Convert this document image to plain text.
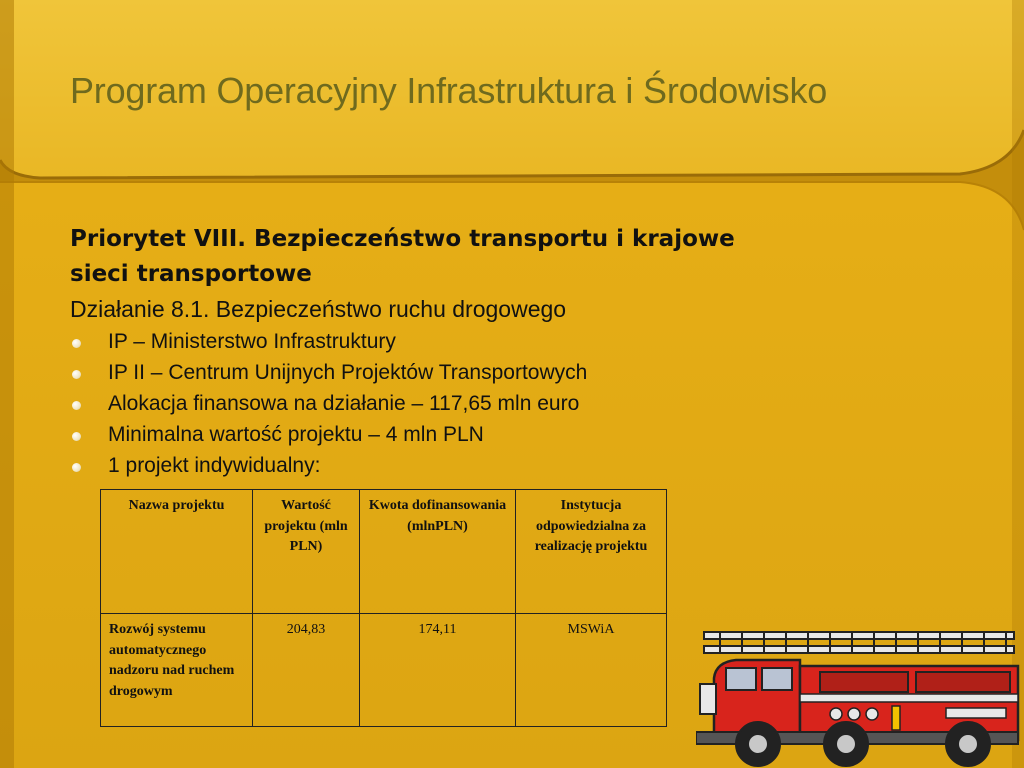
Program Operacyjny Infrastruktura i Środowisko
Priorytet VIII. Bezpieczeństwo transportu i krajowe
sieci transportowe
Działanie 8.1. Bezpieczeństwo ruchu drogowego
IP – Ministerstwo Infrastruktury
IP II – Centrum Unijnych Projektów Transportowych
Alokacja finansowa na działanie – 117,65 mln euro
Minimalna wartość projektu – 4 mln PLN
1 projekt indywidualny:
Nazwa projektu	Wartość projektu (mln PLN)	Kwota dofinansowania (mlnPLN)	Instytucja odpowiedzialna za realizację projektu
Rozwój systemu automatycznego nadzoru nad ruchem drogowym	204,83	174,11	MSWiA
